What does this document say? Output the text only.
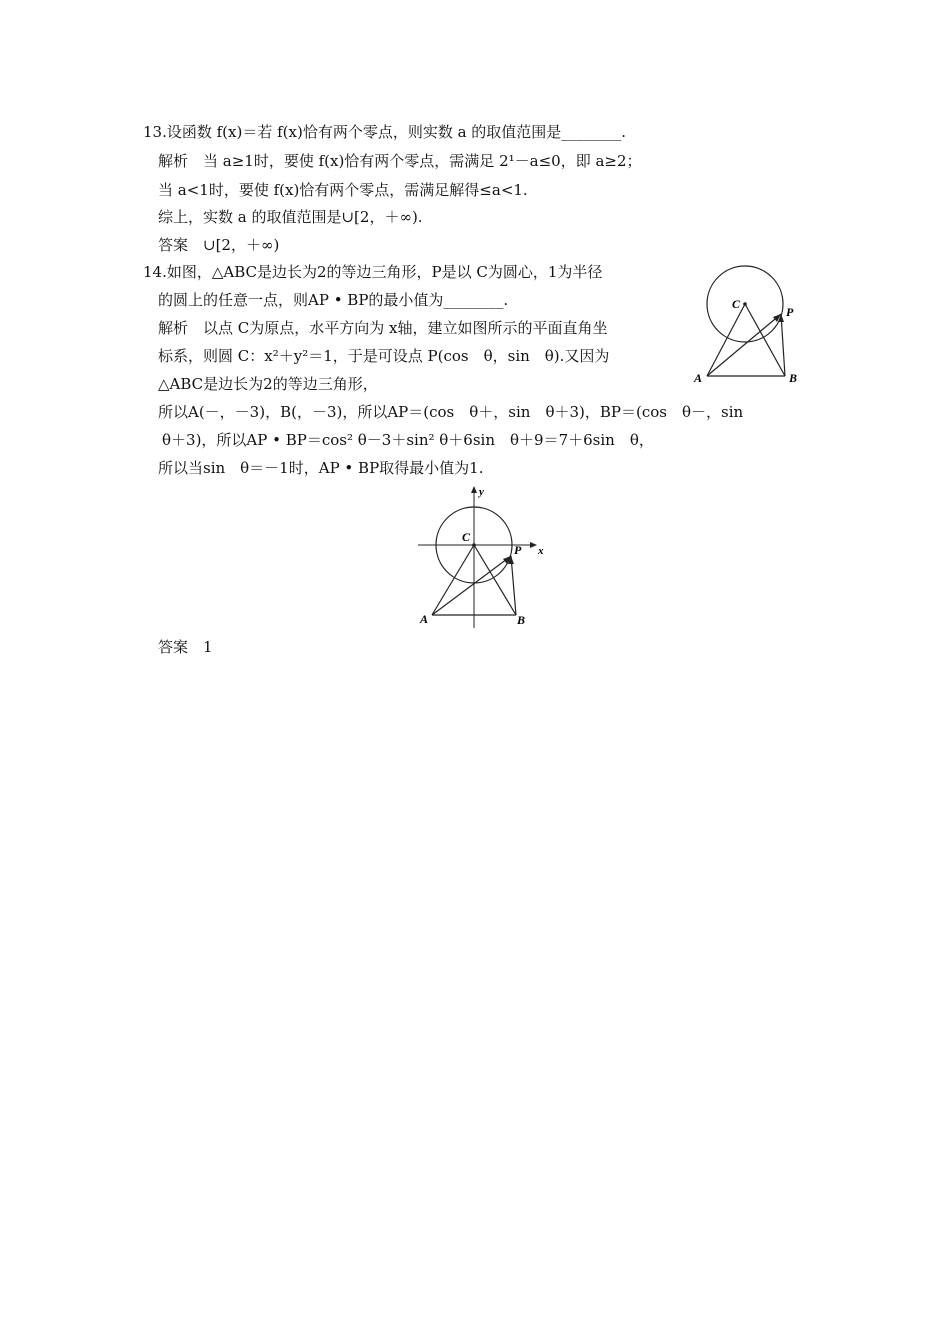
13.设函数 f(x)＝若 f(x)恰有两个零点，则实数 a 的取值范围是________.
解析　当 a≥1时，要使 f(x)恰有两个零点，需满足 2¹－a≤0，即 a≥2；
当 a<1时，要使 f(x)恰有两个零点，需满足解得≤a<1.
综上，实数 a 的取值范围是∪[2，＋∞).
答案　∪[2，＋∞)
14.如图，△ABC是边长为2的等边三角形，P是以 C为圆心，1为半径
的圆上的任意一点，则AP • BP的最小值为________.
解析　以点 C为原点，水平方向为 x轴，建立如图所示的平面直角坐
标系，则圆 C：x²＋y²＝1，于是可设点 P(cos　θ，sin　θ).又因为
△ABC是边长为2的等边三角形，
所以A(－，－3)，B(，－3)，所以AP＝(cos　θ＋，sin　θ＋3)，BP＝(cos　θ－，sin
θ＋3)，所以AP • BP＝cos² θ－3＋sin² θ＋6sin　θ＋9＝7＋6sin　θ，
所以当sin　θ＝－1时，AP • BP取得最小值为1.
答案　1
C
P
A	B
C
P
A	B
x
y
